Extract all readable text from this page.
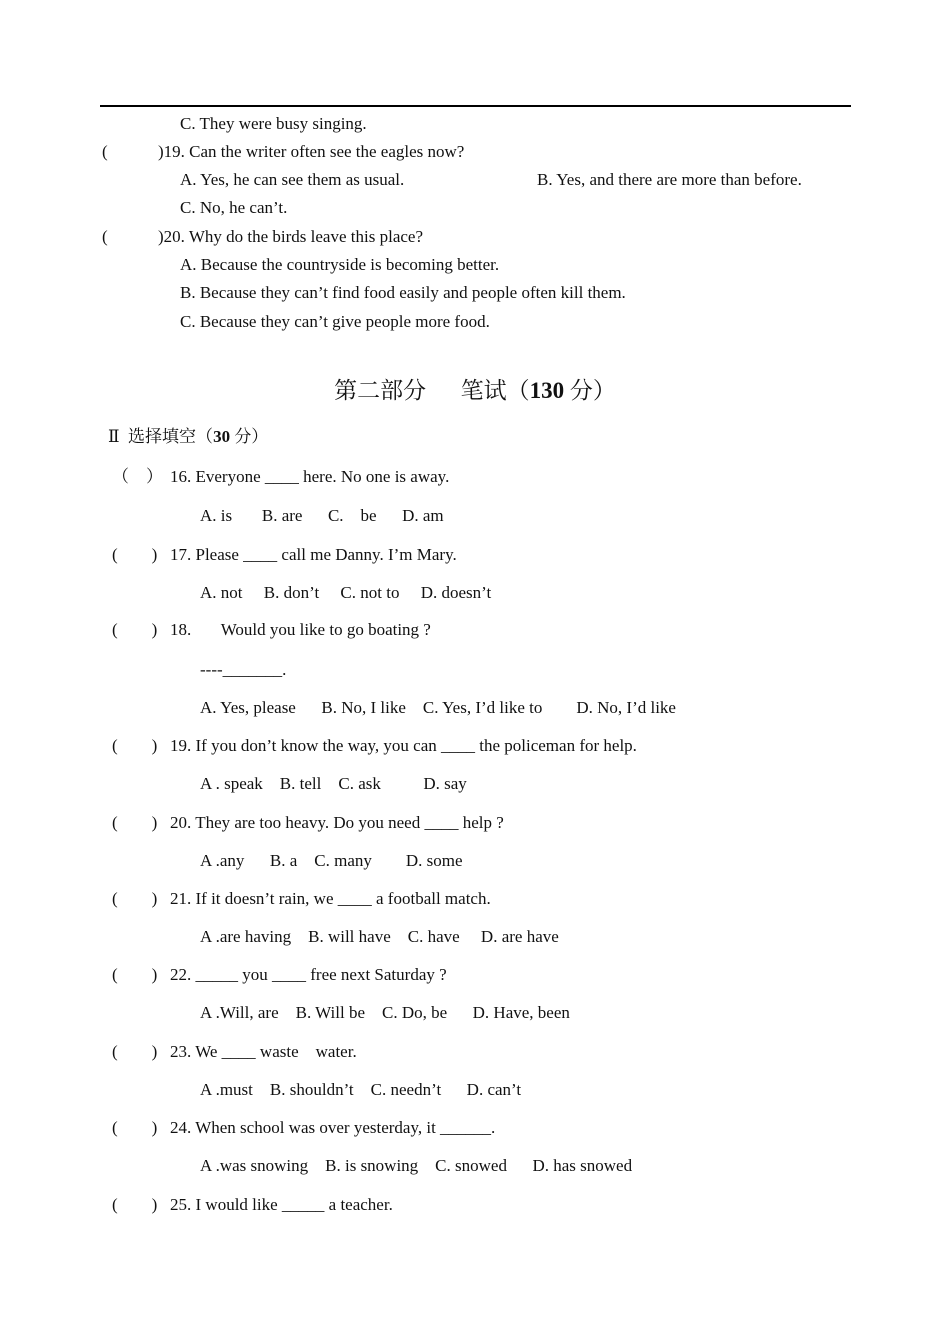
C. They were busy singing.
(	)19. Can the writer often see the eagles now?
A. Yes, he can see them as usual.	B. Yes, and there are more than before.
C. No, he can’t.
(	)20. Why do the birds leave this place?
A. Because the countryside is becoming better.
B. Because they can’t find food easily and people often kill them.
C. Because they can’t give people more food.
第二部分      笔试（130 分）
Ⅱ  选择填空（30 分）
（    ） 16. Everyone ____ here. No one is away.
A. is       B. are      C.    be      D. am
(        ) 17. Please ____ call me Danny. I’m Mary.
A. not     B. don’t     C. not to     D. doesn’t
(        ) 18.       Would you like to go boating ?
----_______.
A. Yes, please      B. No, I like    C. Yes, I’d like to        D. No, I’d like
(        ) 19. If you don’t know the way, you can ____ the policeman for help.
A . speak    B. tell    C. ask          D. say
(        ) 20. They are too heavy. Do you need ____ help ?
A .any      B. a    C. many        D. some
(        ) 21. If it doesn’t rain, we ____ a football match.
A .are having    B. will have    C. have     D. are have
(        ) 22. _____ you ____ free next Saturday ?
A .Will, are    B. Will be    C. Do, be      D. Have, been
(        ) 23. We ____ waste    water.
A .must    B. shouldn’t    C. needn’t      D. can’t
(        ) 24. When school was over yesterday, it ______.
A .was snowing    B. is snowing    C. snowed      D. has snowed
(        ) 25. I would like _____ a teacher.
